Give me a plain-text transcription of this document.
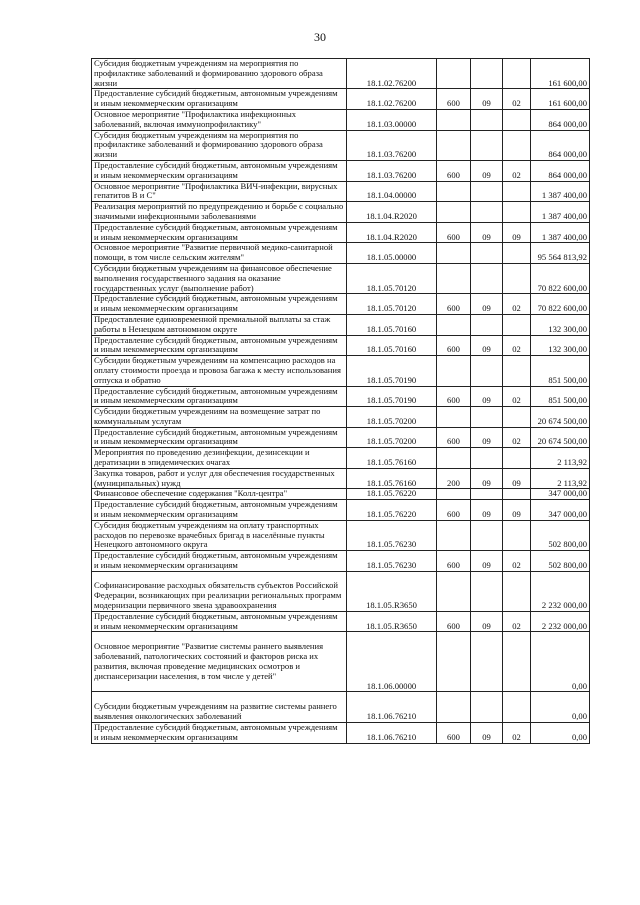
30
Субсидия бюджетным учреждениям на мероприятия по профилактике заболеваний и формированию здорового образа жизни	18.1.02.76200				161 600,00
Предоставление субсидий бюджетным, автономным учреждениям и иным некоммерческим организациям	18.1.02.76200	600	09	02	161 600,00
Основное мероприятие "Профилактика инфекционных заболеваний, включая иммунопрофилактику"	18.1.03.00000				864 000,00
Субсидия бюджетным учреждениям на мероприятия по профилактике заболеваний и формированию здорового образа жизни	18.1.03.76200				864 000,00
Предоставление субсидий бюджетным, автономным учреждениям и иным некоммерческим организациям	18.1.03.76200	600	09	02	864 000,00
Основное мероприятие "Профилактика ВИЧ-инфекции, вирусных гепатитов В и С"	18.1.04.00000				1 387 400,00
Реализация мероприятий по предупреждению и борьбе с социально значимыми инфекционными заболеваниями	18.1.04.R2020				1 387 400,00
Предоставление субсидий бюджетным, автономным учреждениям и иным некоммерческим организациям	18.1.04.R2020	600	09	09	1 387 400,00
Основное мероприятие "Развитие первичной медико-санитарной помощи, в том числе сельским жителям"	18.1.05.00000				95 564 813,92
Субсидии бюджетным учреждениям на финансовое обеспечение выполнения государственного задания на оказание государственных услуг (выполнение работ)	18.1.05.70120				70 822 600,00
Предоставление субсидий бюджетным, автономным учреждениям и иным некоммерческим организациям	18.1.05.70120	600	09	02	70 822 600,00
Предоставление единовременной премиальной выплаты за стаж работы в Ненецком автономном округе	18.1.05.70160				132 300,00
Предоставление субсидий бюджетным, автономным учреждениям и иным некоммерческим организациям	18.1.05.70160	600	09	02	132 300,00
Субсидии бюджетным учреждениям на компенсацию расходов на оплату стоимости проезда и провоза багажа к месту использования отпуска и обратно	18.1.05.70190				851 500,00
Предоставление субсидий бюджетным, автономным учреждениям и иным некоммерческим организациям	18.1.05.70190	600	09	02	851 500,00
Субсидии бюджетным учреждениям на возмещение затрат по коммунальным услугам	18.1.05.70200				20 674 500,00
Предоставление субсидий бюджетным, автономным учреждениям и иным некоммерческим организациям	18.1.05.70200	600	09	02	20 674 500,00
Мероприятия по проведению дезинфекции, дезинсекции и дератизации в эпидемических очагах	18.1.05.76160				2 113,92
Закупка товаров, работ и услуг для обеспечения государственных (муниципальных) нужд	18.1.05.76160	200	09	09	2 113,92
Финансовое обеспечение содержания "Колл-центра"	18.1.05.76220				347 000,00
Предоставление субсидий бюджетным, автономным учреждениям и иным некоммерческим организациям	18.1.05.76220	600	09	09	347 000,00
Субсидия бюджетным учреждениям на оплату транспортных расходов по перевозке врачебных бригад в населённые пункты Ненецкого автономного округа	18.1.05.76230				502 800,00
Предоставление субсидий бюджетным, автономным учреждениям и иным некоммерческим организациям	18.1.05.76230	600	09	02	502 800,00
Софинансирование расходных обязательств субъектов Российской Федерации, возникающих при реализации региональных программ модернизации первичного звена здравоохранения	18.1.05.R3650				2 232 000,00
Предоставление субсидий бюджетным, автономным учреждениям и иным некоммерческим организациям	18.1.05.R3650	600	09	02	2 232 000,00
Основное мероприятие "Развитие системы раннего выявления заболеваний, патологических состояний и факторов риска их развития, включая проведение медицинских осмотров и диспансеризации населения, в том числе у детей"	18.1.06.00000				0,00
Субсидии бюджетным учреждениям на развитие системы раннего выявления онкологических заболеваний	18.1.06.76210				0,00
Предоставление субсидий бюджетным, автономным учреждениям и иным некоммерческим организациям	18.1.06.76210	600	09	02	0,00
